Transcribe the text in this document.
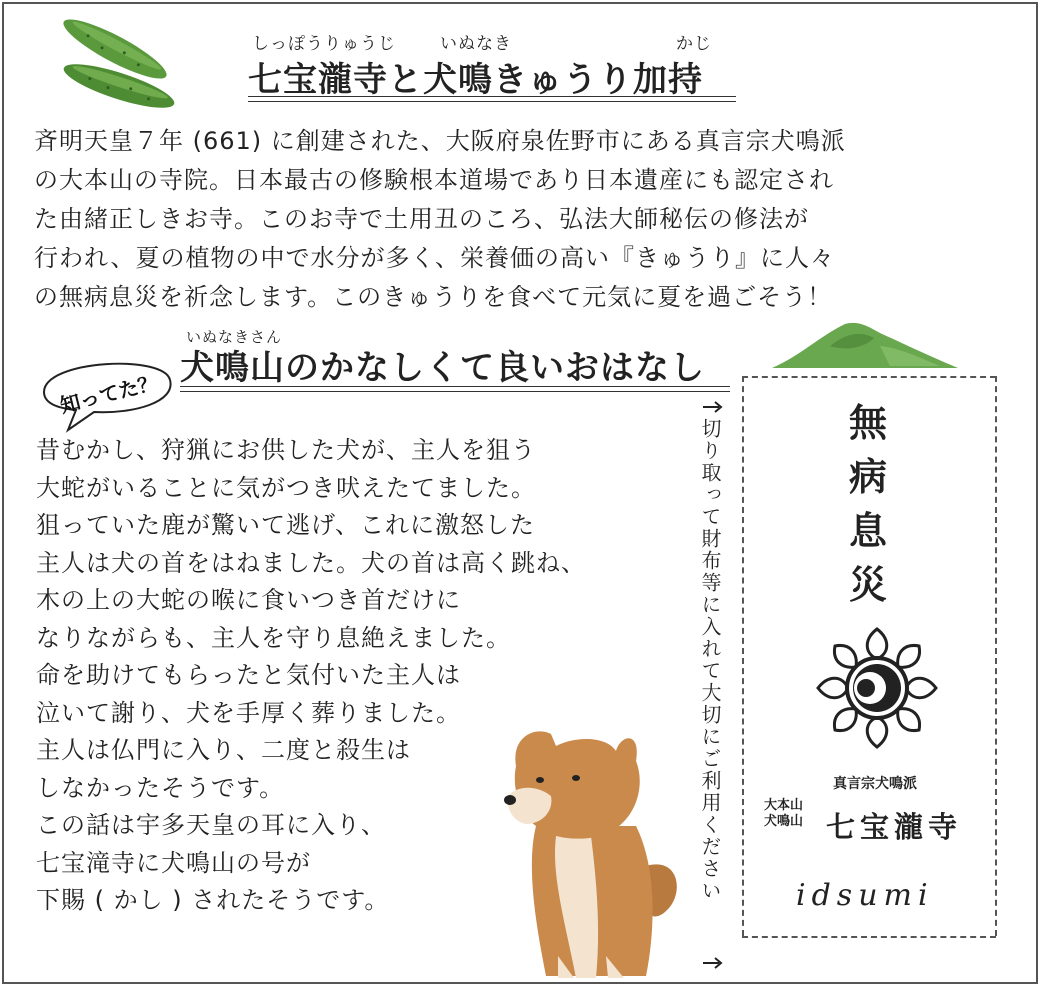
しっぽうりゅうじ	いぬなき	かじ
七宝瀧寺と犬鳴きゅうり加持
斉明天皇７年 (661) に創建された、大阪府泉佐野市にある真言宗犬鳴派
の大本山の寺院。日本最古の修験根本道場であり日本遺産にも認定され
た由緒正しきお寺。このお寺で土用丑のころ、弘法大師秘伝の修法が
行われ、夏の植物の中で水分が多く、栄養価の高い『きゅうり』に人々
の無病息災を祈念します。このきゅうりを食べて元気に夏を過ごそう！
知ってた？
いぬなきさん
犬鳴山のかなしくて良いおはなし
昔むかし、狩猟にお供した犬が、主人を狙う
大蛇がいることに気がつき吠えたてました。
狙っていた鹿が驚いて逃げ、これに激怒した
主人は犬の首をはねました。犬の首は高く跳ね、
木の上の大蛇の喉に食いつき首だけに
なりながらも、主人を守り息絶えました。
命を助けてもらったと気付いた主人は
泣いて謝り、犬を手厚く葬りました。
主人は仏門に入り、二度と殺生は
しなかったそうです。
この話は宇多天皇の耳に入り、
七宝滝寺に犬鳴山の号が
下賜 ( かし ) されたそうです。	切り取って財布等に入れて大切にご利用ください	無
病
息
災
真言宗犬鳴派
大本山
犬鳴山 七宝瀧寺
idsumi
